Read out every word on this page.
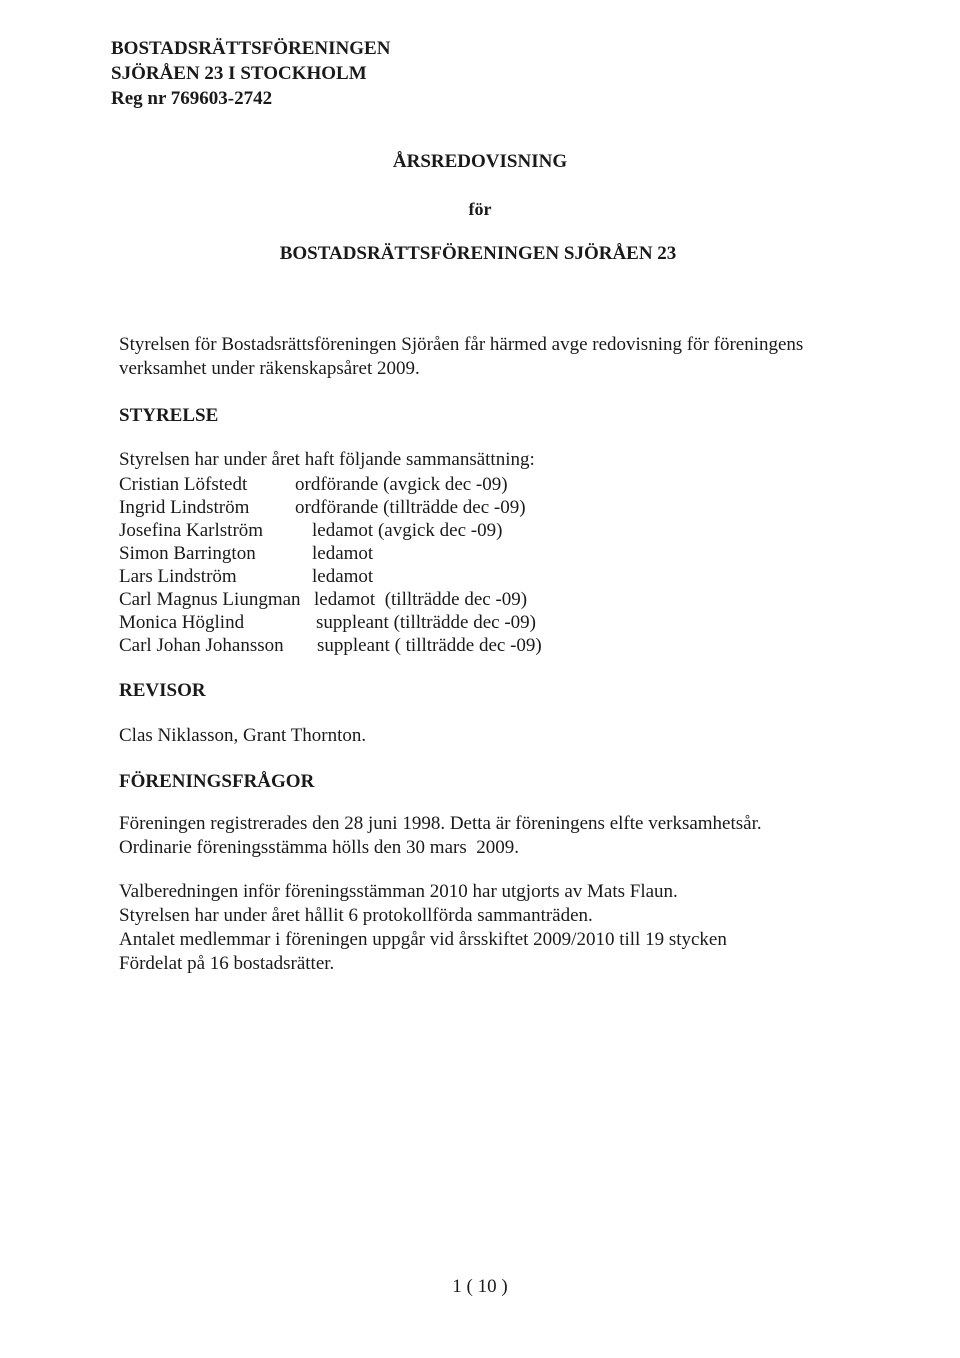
BOSTADSRÄTTSFÖRENINGEN
SJÖRÅEN 23 I STOCKHOLM
Reg nr 769603-2742
ÅRSREDOVISNING
för
BOSTADSRÄTTSFÖRENINGEN SJÖRÅEN 23
Styrelsen för Bostadsrättsföreningen Sjöråen får härmed avge redovisning för föreningens
verksamhet under räkenskapsåret 2009.
STYRELSE
Styrelsen har under året haft följande sammansättning:
Cristian Löfstedt	ordförande (avgick dec -09)
Ingrid Lindström ordförande (tillträdde dec -09)
Josefina Karlström	ledamot (avgick dec -09)
Simon Barrington	ledamot
Lars Lindström	ledamot
Carl Magnus Liungman ledamot  (tillträdde dec -09)
Monica Höglind	suppleant (tillträdde dec -09)
Carl Johan Johansson suppleant ( tillträdde dec -09)
REVISOR
Clas Niklasson, Grant Thornton.
FÖRENINGSFRÅGOR
Föreningen registrerades den 28 juni 1998. Detta är föreningens elfte verksamhetsår.
Ordinarie föreningsstämma hölls den 30 mars  2009.
Valberedningen inför föreningsstämman 2010 har utgjorts av Mats Flaun.
Styrelsen har under året hållit 6 protokollförda sammanträden.
Antalet medlemmar i föreningen uppgår vid årsskiftet 2009/2010 till 19 stycken
Fördelat på 16 bostadsrätter.
1 ( 10 )
